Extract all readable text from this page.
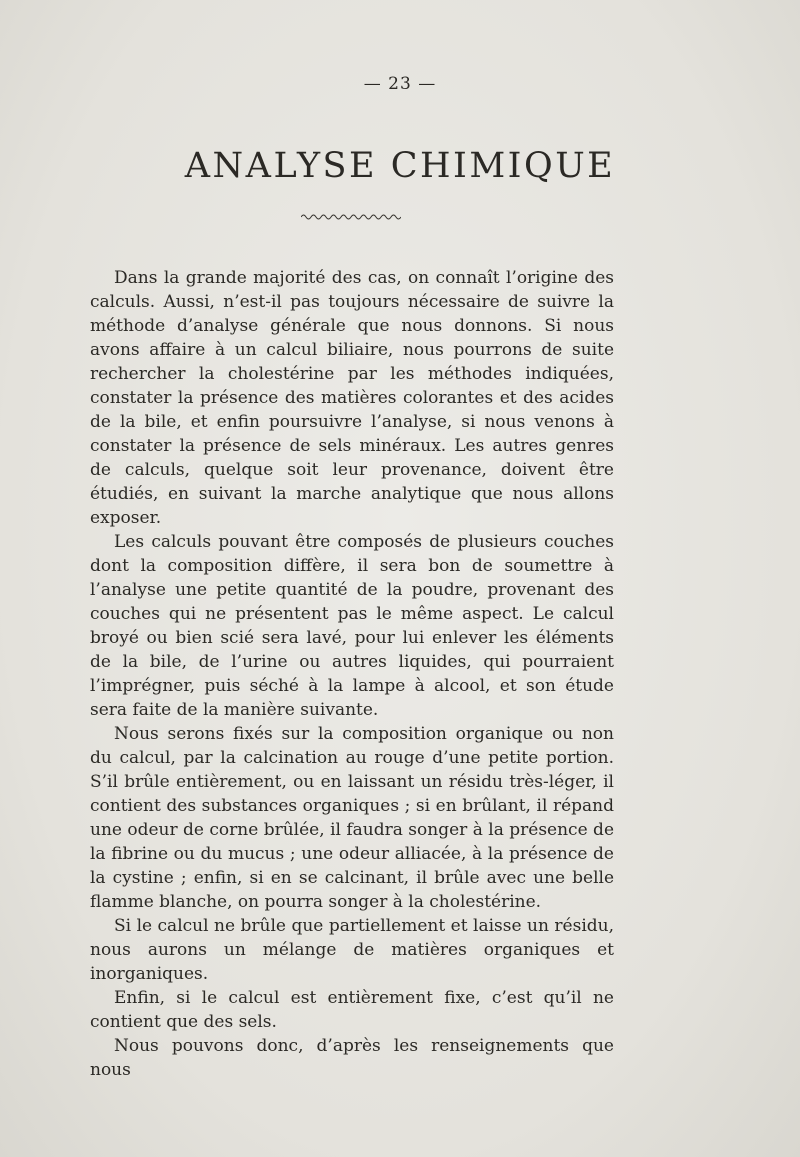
— 23 —
ANALYSE CHIMIQUE

Dans la grande majorité des cas, on connaît l’origine des calculs. Aussi, n’est-il pas toujours nécessaire de suivre la méthode d’analyse générale que nous donnons. Si nous avons affaire à un calcul biliaire, nous pourrons de suite rechercher la cholestérine par les méthodes indiquées, constater la présence des matières colorantes et des acides de la bile, et enfin poursuivre l’analyse, si nous venons à constater la présence de sels minéraux. Les autres genres de calculs, quelque soit leur provenance, doivent être étudiés, en suivant la marche analytique que nous allons exposer.

Les calculs pouvant être composés de plusieurs couches dont la composition diffère, il sera bon de soumettre à l’analyse une petite quantité de la poudre, provenant des couches qui ne présentent pas le même aspect. Le calcul broyé ou bien scié sera lavé, pour lui enlever les éléments de la bile, de l’urine ou autres liquides, qui pourraient l’imprégner, puis séché à la lampe à alcool, et son étude sera faite de la manière suivante.

Nous serons fixés sur la composition organique ou non du calcul, par la calcination au rouge d’une petite portion. S’il brûle entièrement, ou en laissant un résidu très-léger, il contient des substances organiques ; si en brûlant, il répand une odeur de corne brûlée, il faudra songer à la présence de la fibrine ou du mucus ; une odeur alliacée, à la présence de la cystine ; enfin, si en se calcinant, il brûle avec une belle flamme blanche, on pourra songer à la cholestérine.

Si le calcul ne brûle que partiellement et laisse un résidu, nous aurons un mélange de matières organiques et inorganiques.

Enfin, si le calcul est entièrement fixe, c’est qu’il ne contient que des sels.

Nous pouvons donc, d’après les renseignements que nous
